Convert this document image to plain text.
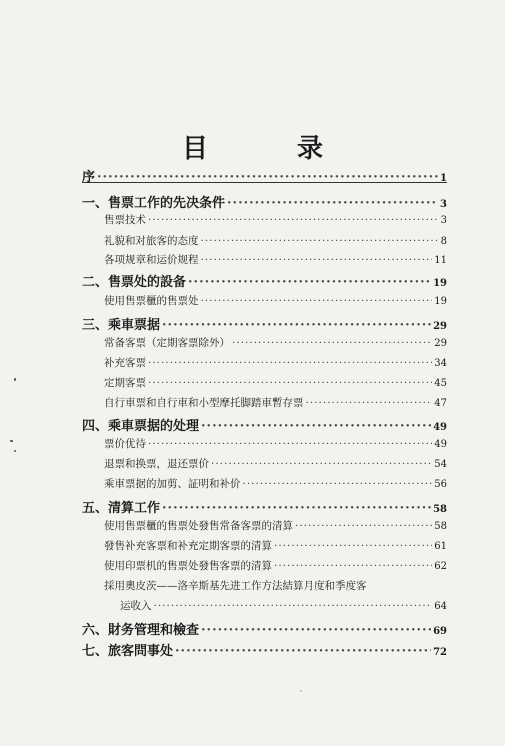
目 录
序 ·····	1
一、售票工作的先决条件 ·····	3
售票技术 ·····	3
礼貌和对旅客的态度 ·····	8
各项规章和运价规程 ·····	11
二、售票处的設备 ·····	19
使用售票櫃的售票处 ·····	19
三、乘車票据 ·····	29
常备客票（定期客票除外） ·····	29
补充客票 ·····	34
定期客票 ·····	45
自行車票和自行車和小型摩托脚踏車暫存票 ·····	47
四、乘車票据的处理 ·····	49
票价优待 ·····	49
退票和换票，退还票价 ·····	54
乘車票据的加剪、証明和补价 ·····	56
五、清算工作 ·····	58
使用售票櫃的售票处發售常备客票的清算 ·····	58
發售补充客票和补充定期客票的清算 ·····	61
使用印票机的售票处發售客票的清算 ·····	62
採用奧皮茨——洛辛斯基先进工作方法結算月度和季度客
运收入 ·····	64
六、財务管理和檢查 ·····	69
七、旅客問事处 ·····	72
